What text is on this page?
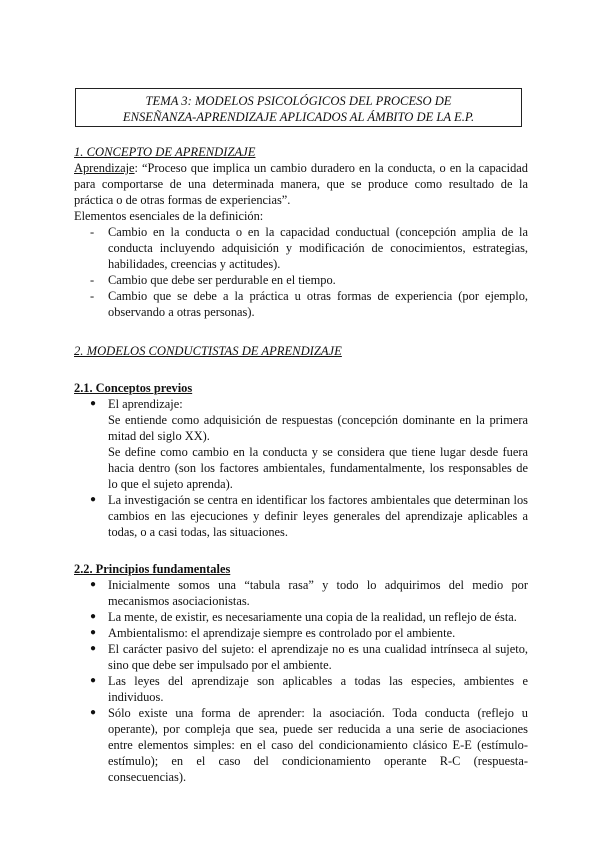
TEMA 3: MODELOS PSICOLÓGICOS DEL PROCESO DE
ENSEÑANZA-APRENDIZAJE APLICADOS AL ÁMBITO DE LA E.P.
1. CONCEPTO DE APRENDIZAJE
Aprendizaje: “Proceso que implica un cambio duradero en la conducta, o en la capacidad para comportarse de una determinada manera, que se produce como resultado de la práctica o de otras formas de experiencias”.
Elementos esenciales de la definición:
- Cambio en la conducta o en la capacidad conductual (concepción amplia de la conducta incluyendo adquisición y modificación de conocimientos, estrategias, habilidades, creencias y actitudes).
- Cambio que debe ser perdurable en el tiempo.
- Cambio que se debe a la práctica u otras formas de experiencia (por ejemplo, observando a otras personas).
2. MODELOS CONDUCTISTAS DE APRENDIZAJE
2.1. Conceptos previos
● El aprendizaje:
Se entiende como adquisición de respuestas (concepción dominante en la primera mitad del siglo XX).
Se define como cambio en la conducta y se considera que tiene lugar desde fuera hacia dentro (son los factores ambientales, fundamentalmente, los responsables de lo que el sujeto aprenda).
● La investigación se centra en identificar los factores ambientales que determinan los cambios en las ejecuciones y definir leyes generales del aprendizaje aplicables a todas, o a casi todas, las situaciones.
2.2. Principios fundamentales
● Inicialmente somos una “tabula rasa” y todo lo adquirimos del medio por mecanismos asociacionistas.
● La mente, de existir, es necesariamente una copia de la realidad, un reflejo de ésta.
● Ambientalismo: el aprendizaje siempre es controlado por el ambiente.
● El carácter pasivo del sujeto: el aprendizaje no es una cualidad intrínseca al sujeto, sino que debe ser impulsado por el ambiente.
● Las leyes del aprendizaje son aplicables a todas las especies, ambientes e individuos.
● Sólo existe una forma de aprender: la asociación. Toda conducta (reflejo u operante), por compleja que sea, puede ser reducida a una serie de asociaciones entre elementos simples: en el caso del condicionamiento clásico E-E (estímulo-estímulo); en el caso del condicionamiento operante R-C (respuesta- consecuencias).
